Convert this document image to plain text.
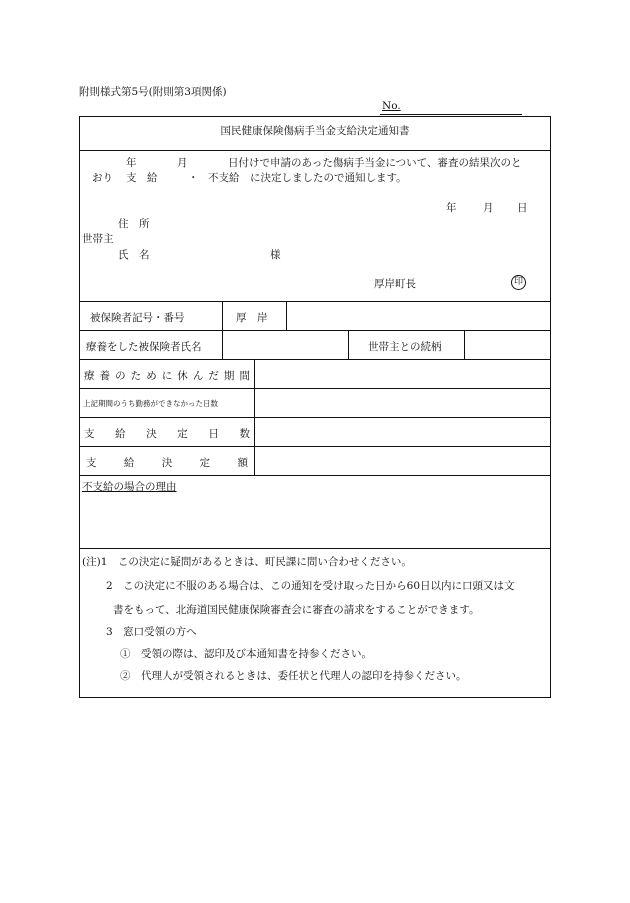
附則様式第5号(附則第3項関係)
No.
国民健康保険傷病手当金支給決定通知書
年	月	日付けで申請のあった傷病手当金について、審査の結果次のと
おり 支　給	・ 不支給 に決定しましたので通知します。
年	月 日
住　所
世帯主
氏　名	様
厚岸町長	印
被保険者記号・番号	厚　岸
療養をした被保険者氏名	世帯主との続柄
療 養 の た め に 休 ん だ 期 間
上記期間のうち勤務ができなかった日数
支 給 決 定 日 数
支	給	決	定	額
不支給の場合の理由
(注)1　この決定に疑問があるときは、町民課に問い合わせください。
2　この決定に不服のある場合は、この通知を受け取った日から60日以内に口頭又は文
書をもって、北海道国民健康保険審査会に審査の請求をすることができます。
3　窓口受領の方へ
①　受領の際は、認印及び本通知書を持参ください。
②　代理人が受領されるときは、委任状と代理人の認印を持参ください。
